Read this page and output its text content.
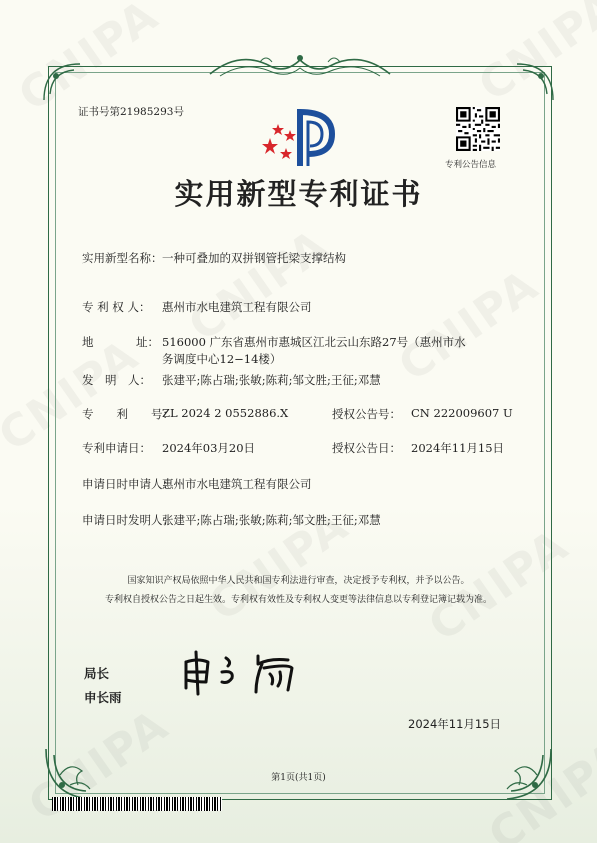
证书号第21985293号
专利公告信息
实用新型专利证书
实用新型名称： 一种可叠加的双拼钢管托梁支撑结构
专 利 权 人： 惠州市水电建筑工程有限公司
地	址： 516000 广东省惠州市惠城区江北云山东路27号（惠州市水
务调度中心12−14楼）
发　明　人： 张建平;陈占瑞;张敏;陈莉;邹文胜;王征;邓慧
专　　利　　号：
ZL 2024 2 0552886.X	授权公告号： CN 222009607 U
专利申请日： 2024年03月20日	授权公告日： 2024年11月15日
申请日时申请人：
惠州市水电建筑工程有限公司
申请日时发明人：
张建平;陈占瑞;张敏;陈莉;邹文胜;王征;邓慧
国家知识产权局依照中华人民共和国专利法进行审查，决定授予专利权，并予以公告。
专利权自授权公告之日起生效。专利权有效性及专利权人变更等法律信息以专利登记簿记载为准。
局长
申长雨
2024年11月15日
第1页(共1页)
